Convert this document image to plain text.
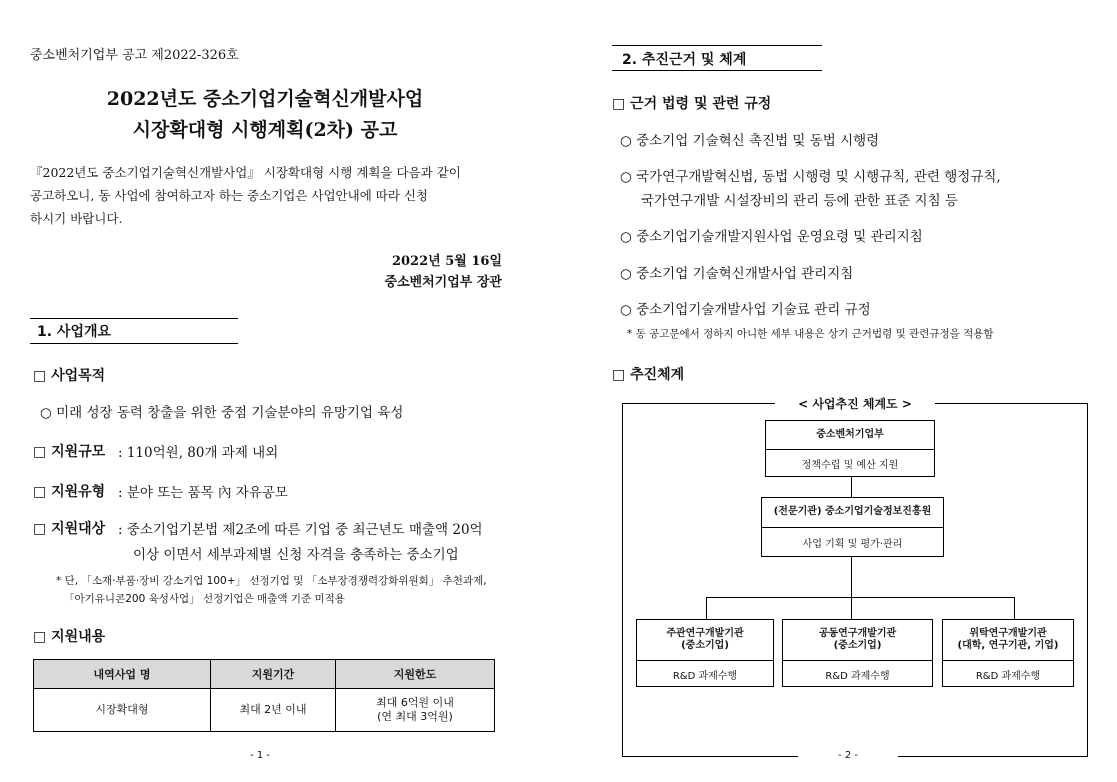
중소벤처기업부 공고 제2022-326호
2022년도 중소기업기술혁신개발사업
시장확대형 시행계획(2차) 공고
『2022년도 중소기업기술혁신개발사업』 시장확대형 시행 계획을 다음과 같이
공고하오니, 동 사업에 참여하고자 하는 중소기업은 사업안내에 따라 신청
하시기 바랍니다.
2022년 5월 16일
중소벤처기업부 장관
1. 사업개요
□ 사업목적
○ 미래 성장 동력 창출을 위한 중점 기술분야의 유망기업 육성
□ 지원규모 : 110억원, 80개 과제 내외
□ 지원유형 : 분야 또는 품목 內 자유공모
□ 지원대상 : 중소기업기본법 제2조에 따른 기업 중 최근년도 매출액 20억
이상 이면서 세부과제별 신청 자격을 충족하는 중소기업
* 단, 「소재·부품·장비 강소기업 100+」 선정기업 및 「소부장경쟁력강화위원회」 추천과제,
「아기유니콘200 육성사업」 선정기업은 매출액 기준 미적용
□ 지원내용
내역사업 명	지원기간	지원한도
시장확대형	최대 2년 이내	최대 6억원 이내
(연 최대 3억원)
- 1 -
2. 추진근거 및 체계
□ 근거 법령 및 관련 규정
○ 중소기업 기술혁신 촉진법 및 동법 시행령
○ 국가연구개발혁신법, 동법 시행령 및 시행규칙, 관련 행정규칙,
국가연구개발 시설장비의 관리 등에 관한 표준 지침 등
○ 중소기업기술개발지원사업 운영요령 및 관리지침
○ 중소기업 기술혁신개발사업 관리지침
○ 중소기업기술개발사업 기술료 관리 규정
* 동 공고문에서 정하지 아니한 세부 내용은 상기 근거법령 및 관련규정을 적용함
□ 추진체계
< 사업추진 체계도 >
중소벤처기업부
정책수립 및 예산 지원
(전문기관) 중소기업기술정보진흥원
사업 기획 및 평가·관리
주관연구개발기관
(중소기업)
R&D 과제수행
공동연구개발기관
(중소기업)
R&D 과제수행
위탁연구개발기관
(대학, 연구기관, 기업)
R&D 과제수행
- 2 -
